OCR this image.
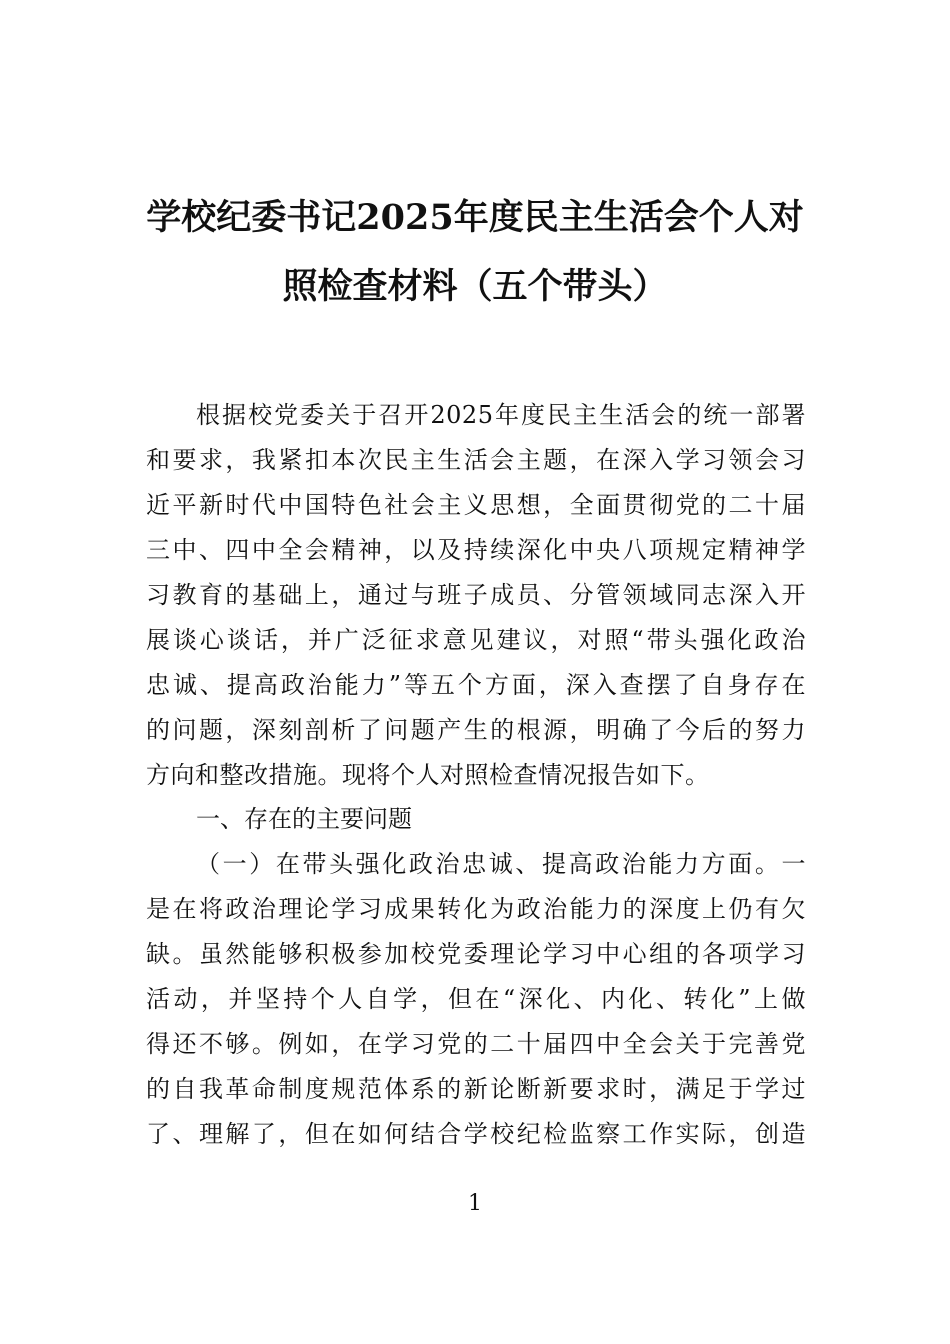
学校纪委书记2025年度民主生活会个人对
照检查材料（五个带头）
根据校党委关于召开2025年度民主生活会的统一部署
和要求，我紧扣本次民主生活会主题，在深入学习领会习
近平新时代中国特色社会主义思想，全面贯彻党的二十届
三中、四中全会精神，以及持续深化中央八项规定精神学
习教育的基础上，通过与班子成员、分管领域同志深入开
展谈心谈话，并广泛征求意见建议，对照“带头强化政治
忠诚、提高政治能力”等五个方面，深入查摆了自身存在
的问题，深刻剖析了问题产生的根源，明确了今后的努力
方向和整改措施。现将个人对照检查情况报告如下。
一、存在的主要问题
（一）在带头强化政治忠诚、提高政治能力方面。一
是在将政治理论学习成果转化为政治能力的深度上仍有欠
缺。虽然能够积极参加校党委理论学习中心组的各项学习
活动，并坚持个人自学，但在“深化、内化、转化”上做
得还不够。例如，在学习党的二十届四中全会关于完善党
的自我革命制度规范体系的新论断新要求时，满足于学过
了、理解了，但在如何结合学校纪检监察工作实际，创造
1
